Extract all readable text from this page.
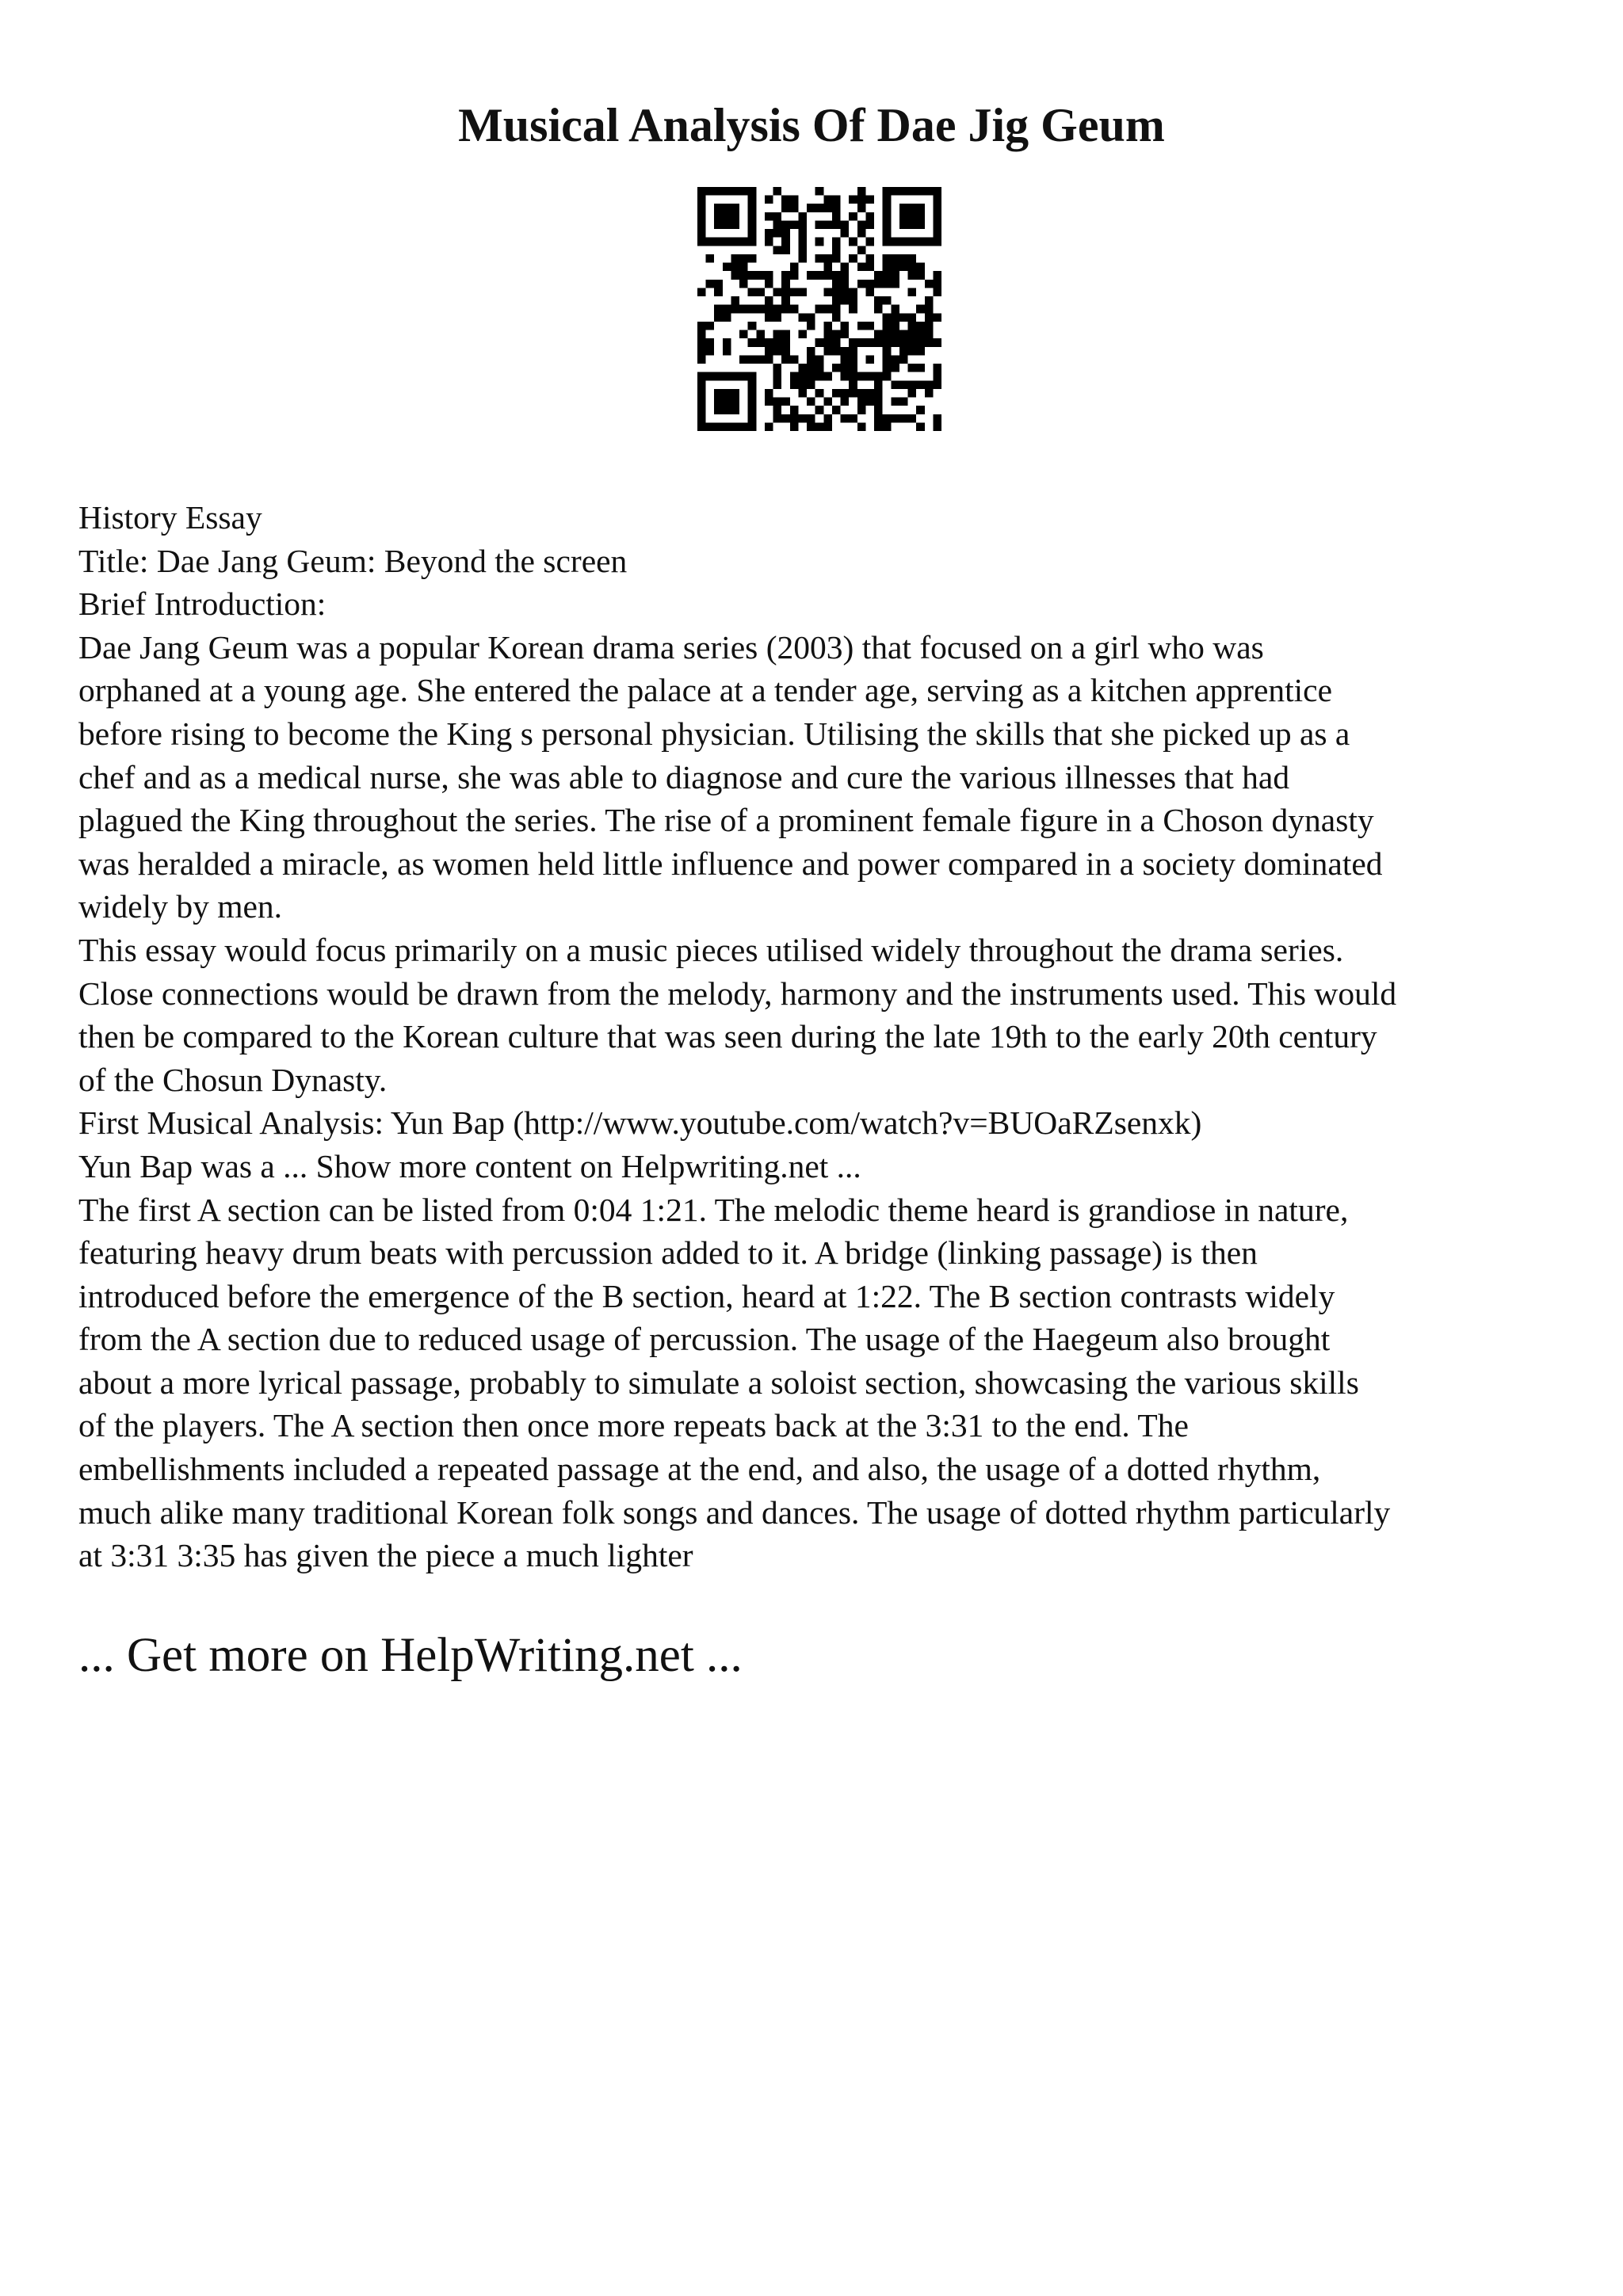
Musical Analysis Of Dae Jig Geum
History Essay
Title: Dae Jang Geum: Beyond the screen
Brief Introduction:
Dae Jang Geum was a popular Korean drama series (2003) that focused on a girl who was
orphaned at a young age. She entered the palace at a tender age, serving as a kitchen apprentice
before rising to become the King s personal physician. Utilising the skills that she picked up as a
chef and as a medical nurse, she was able to diagnose and cure the various illnesses that had
plagued the King throughout the series. The rise of a prominent female figure in a Choson dynasty
was heralded a miracle, as women held little influence and power compared in a society dominated
widely by men.
This essay would focus primarily on a music pieces utilised widely throughout the drama series.
Close connections would be drawn from the melody, harmony and the instruments used. This would
then be compared to the Korean culture that was seen during the late 19th to the early 20th century
of the Chosun Dynasty.
First Musical Analysis: Yun Bap (http://www.youtube.com/watch?v=BUOaRZsenxk)
Yun Bap was a ... Show more content on Helpwriting.net ...
The first A section can be listed from 0:04 1:21. The melodic theme heard is grandiose in nature,
featuring heavy drum beats with percussion added to it. A bridge (linking passage) is then
introduced before the emergence of the B section, heard at 1:22. The B section contrasts widely
from the A section due to reduced usage of percussion. The usage of the Haegeum also brought
about a more lyrical passage, probably to simulate a soloist section, showcasing the various skills
of the players. The A section then once more repeats back at the 3:31 to the end. The
embellishments included a repeated passage at the end, and also, the usage of a dotted rhythm,
much alike many traditional Korean folk songs and dances. The usage of dotted rhythm particularly
at 3:31 3:35 has given the piece a much lighter
... Get more on HelpWriting.net ...
